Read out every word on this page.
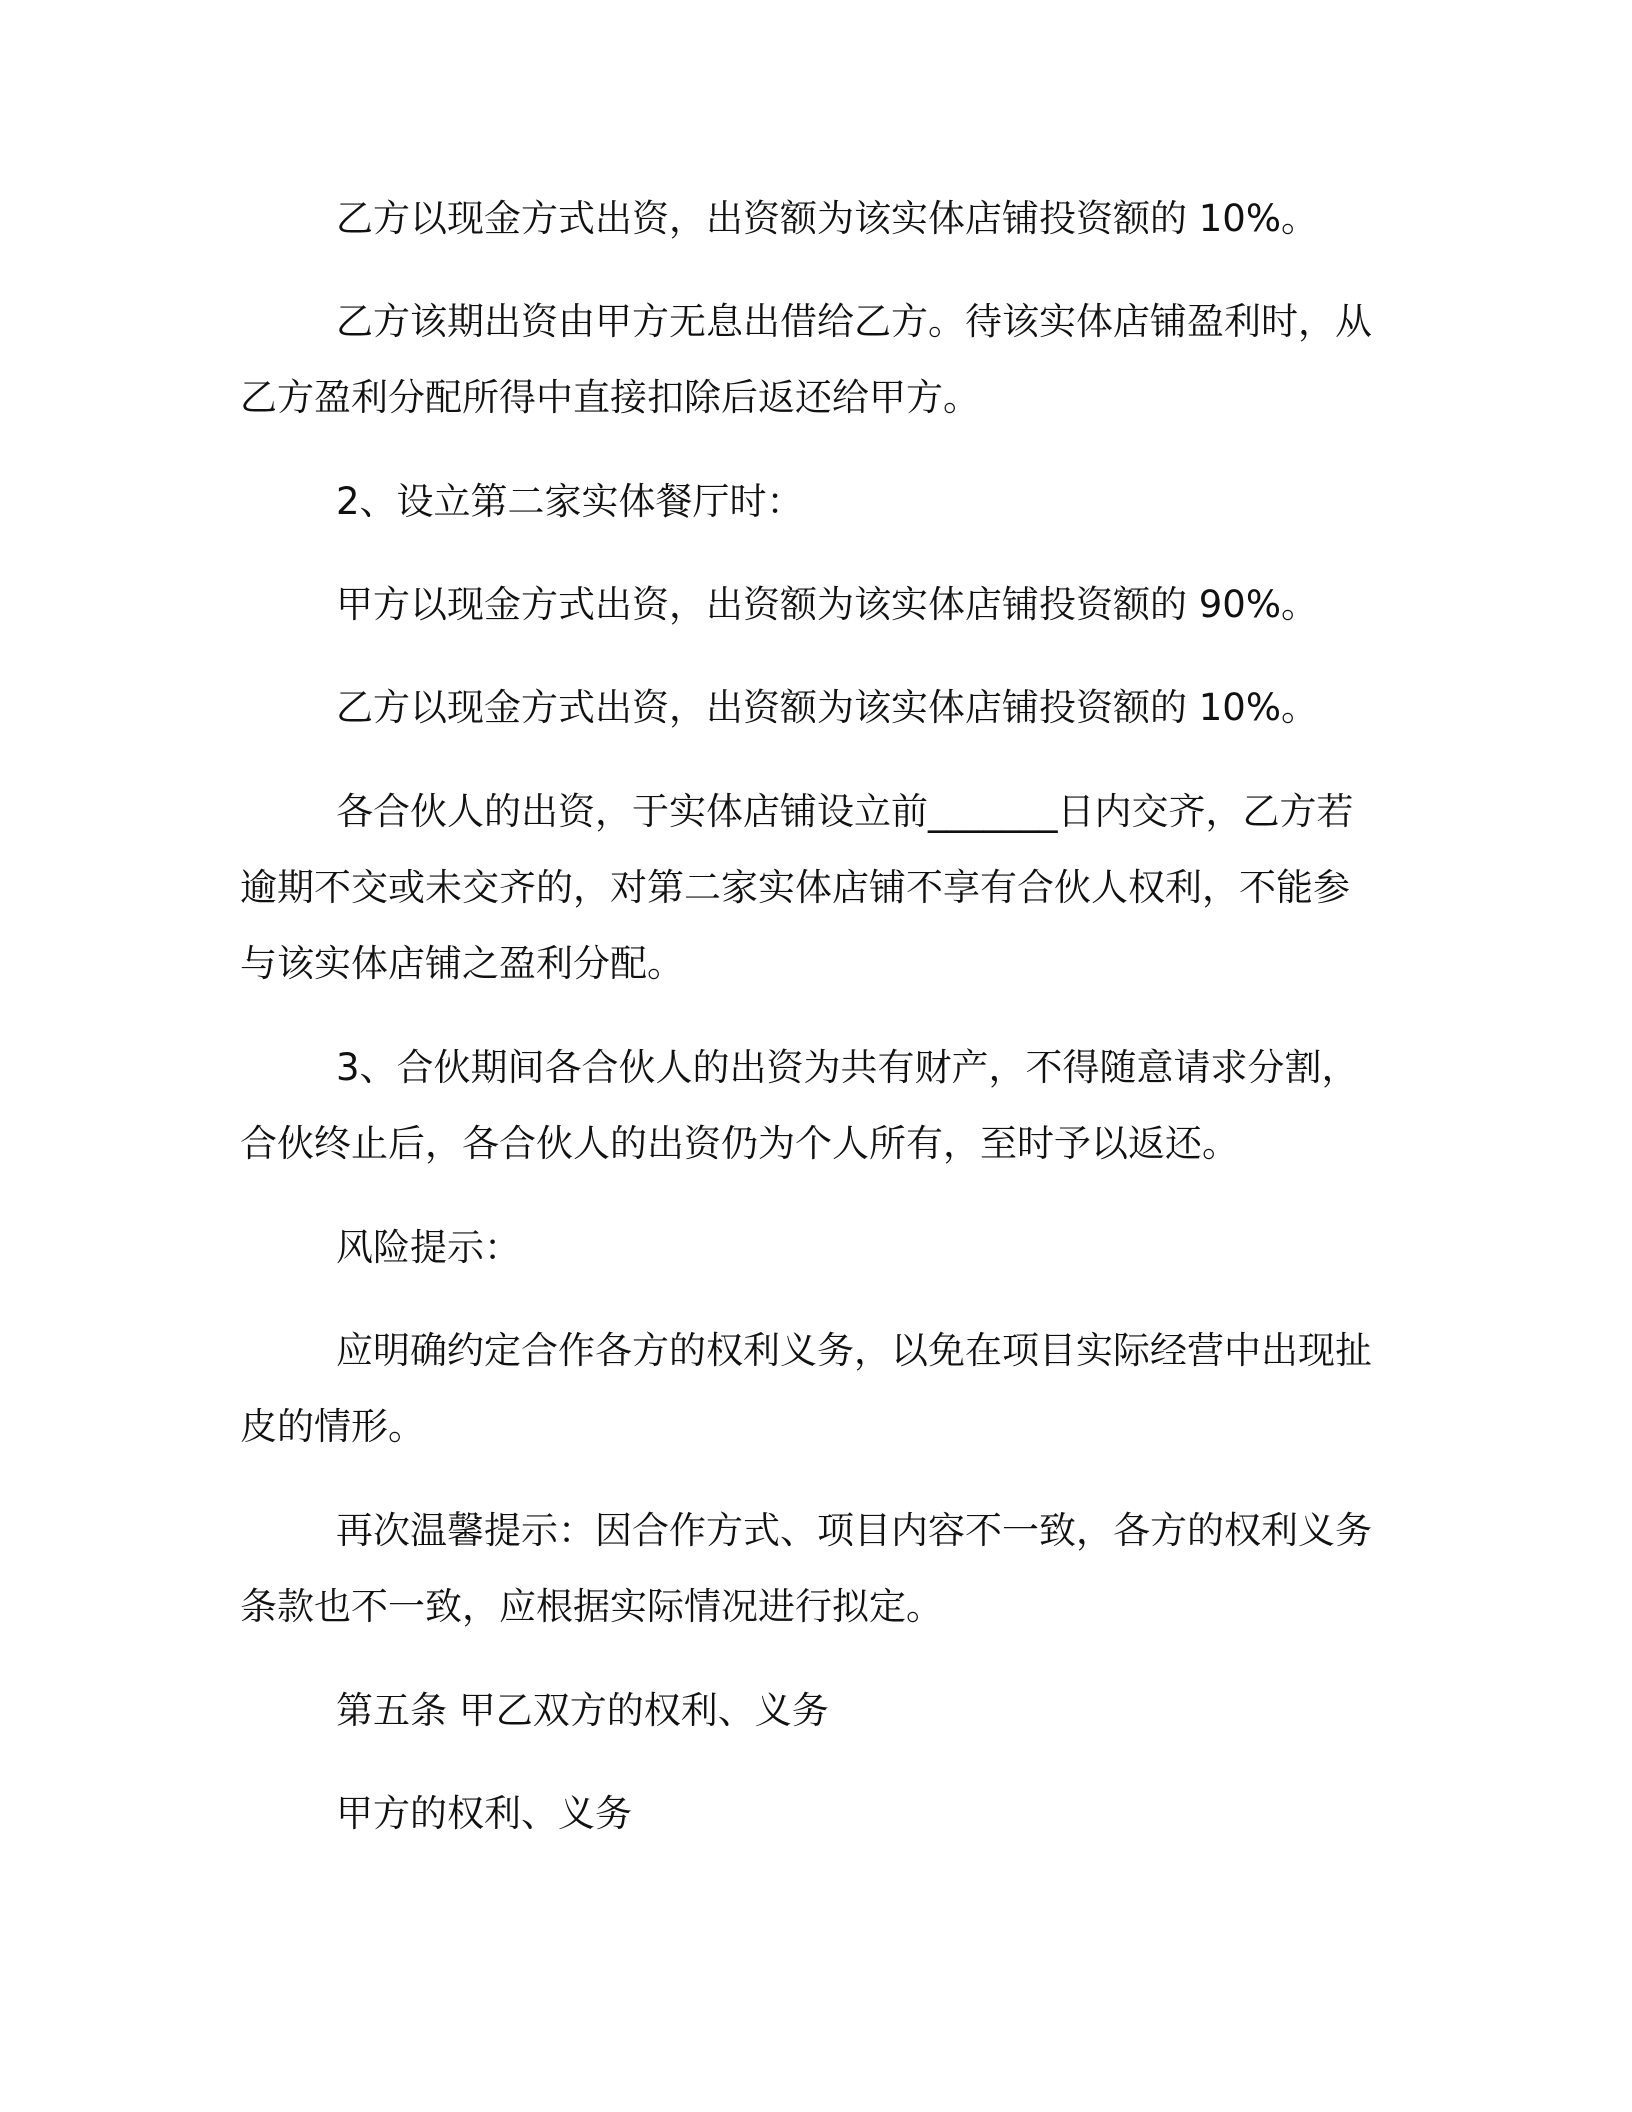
乙方以现金方式出资，出资额为该实体店铺投资额的 10%。

乙方该期出资由甲方无息出借给乙方。待该实体店铺盈利时，从乙方盈利分配所得中直接扣除后返还给甲方。

2、设立第二家实体餐厅时：

甲方以现金方式出资，出资额为该实体店铺投资额的 90%。

乙方以现金方式出资，出资额为该实体店铺投资额的 10%。

各合伙人的出资，于实体店铺设立前_______日内交齐，乙方若逾期不交或未交齐的，对第二家实体店铺不享有合伙人权利，不能参与该实体店铺之盈利分配。

3、合伙期间各合伙人的出资为共有财产，不得随意请求分割，合伙终止后，各合伙人的出资仍为个人所有，至时予以返还。

风险提示：

应明确约定合作各方的权利义务，以免在项目实际经营中出现扯皮的情形。

再次温馨提示：因合作方式、项目内容不一致，各方的权利义务条款也不一致，应根据实际情况进行拟定。

第五条 甲乙双方的权利、义务

甲方的权利、义务
